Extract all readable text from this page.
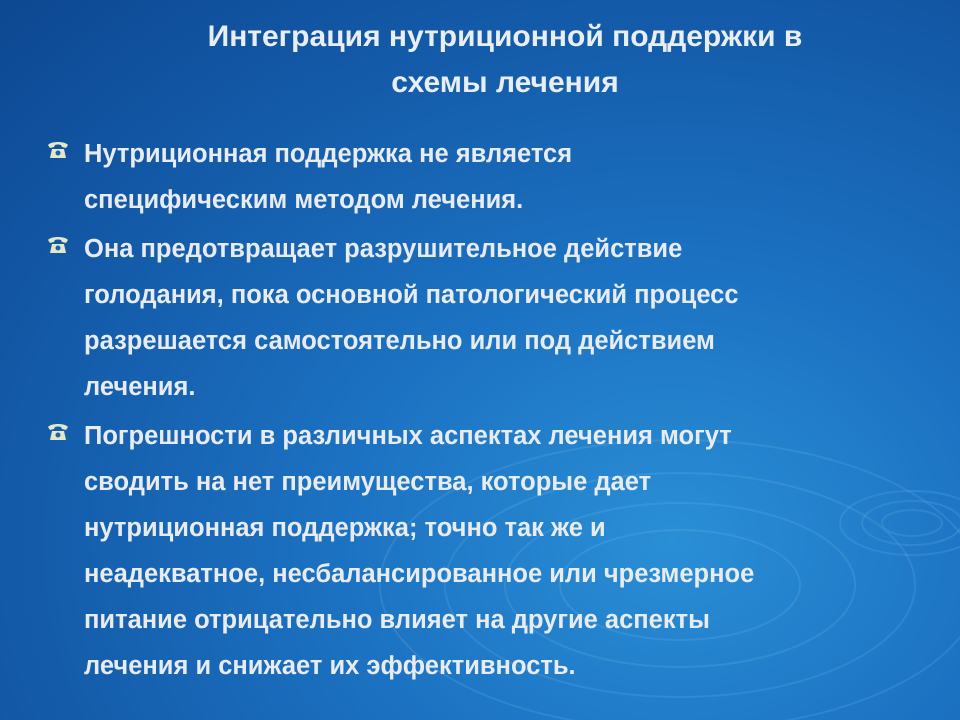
Интеграция нутриционной поддержки в
схемы лечения
Нутриционная поддержка не является
специфическим методом лечения.
Она предотвращает разрушительное действие
голодания, пока основной патологический процесс
разрешается самостоятельно или под действием
лечения.
Погрешности в различных аспектах лечения могут
сводить на нет преимущества, которые дает
нутриционная поддержка; точно так же и
неадекватное, несбалансированное или чрезмерное
питание отрицательно влияет на другие аспекты
лечения и снижает их эффективность.
